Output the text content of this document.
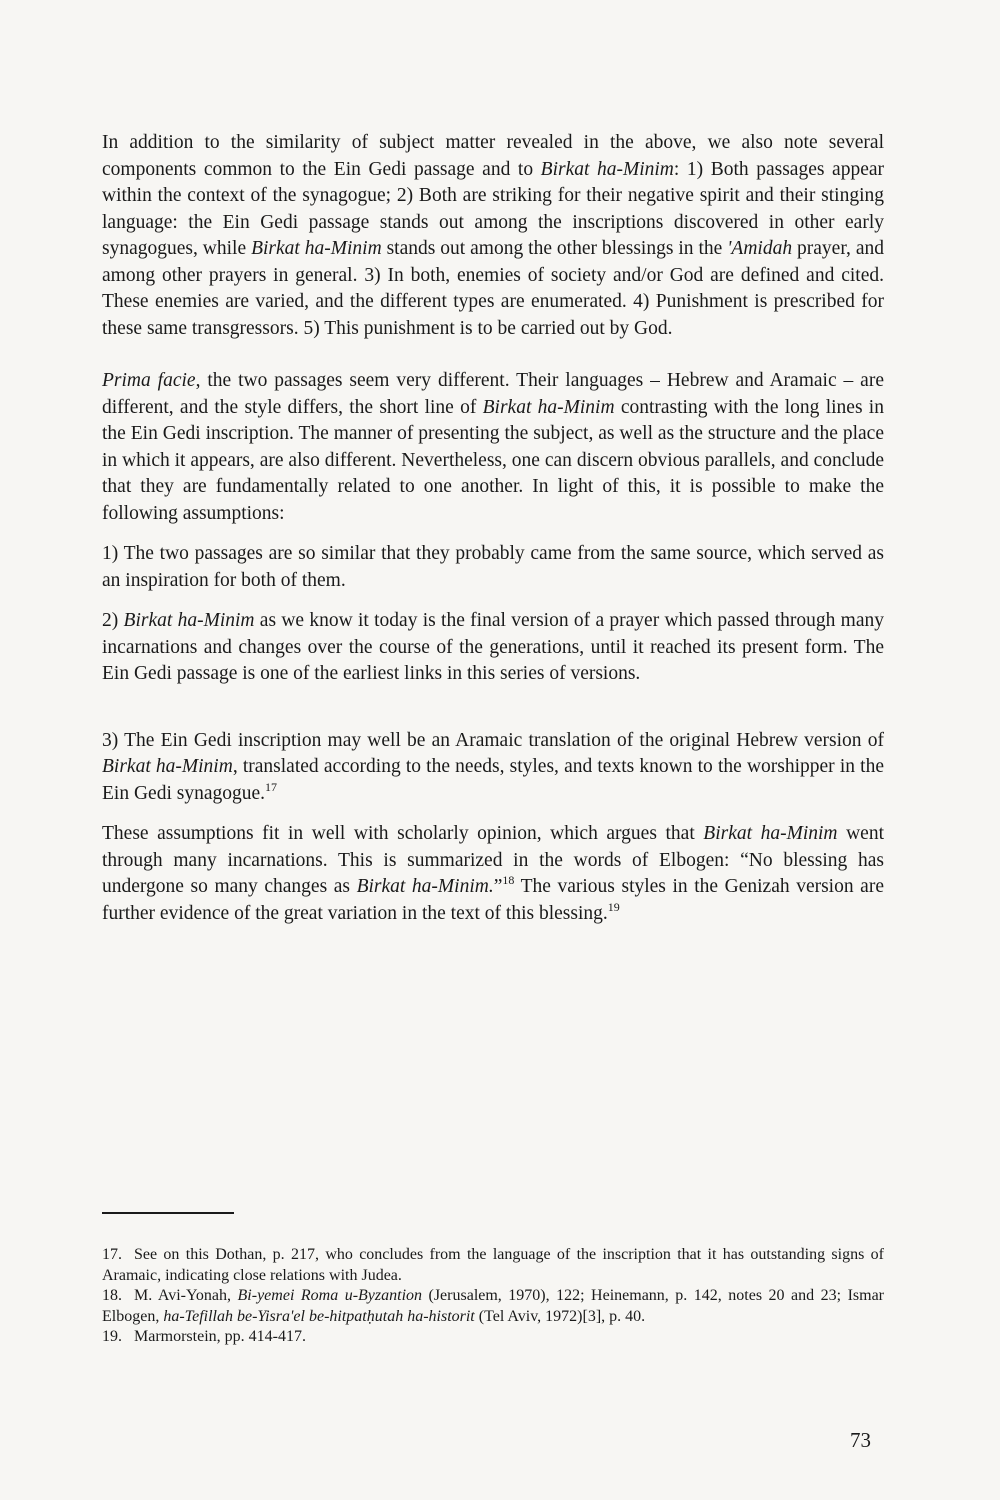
In addition to the similarity of subject matter revealed in the above, we also note several components common to the Ein Gedi passage and to Birkat ha-Minim: 1) Both passages appear within the context of the synagogue; 2) Both are striking for their negative spirit and their stinging language: the Ein Gedi passage stands out among the inscriptions discovered in other early synagogues, while Birkat ha-Minim stands out among the other blessings in the 'Amidah prayer, and among other prayers in general. 3) In both, enemies of society and/or God are defined and cited. These enemies are varied, and the different types are enumerated. 4) Punishment is prescribed for these same transgressors. 5) This punishment is to be carried out by God.

Prima facie, the two passages seem very different. Their languages – Hebrew and Aramaic – are different, and the style differs, the short line of Birkat ha-Minim contrasting with the long lines in the Ein Gedi inscription. The manner of presenting the subject, as well as the structure and the place in which it appears, are also different. Nevertheless, one can discern obvious parallels, and conclude that they are fundamentally related to one another. In light of this, it is possible to make the following assumptions:

1) The two passages are so similar that they probably came from the same source, which served as an inspiration for both of them.

2) Birkat ha-Minim as we know it today is the final version of a prayer which passed through many incarnations and changes over the course of the generations, until it reached its present form. The Ein Gedi passage is one of the earliest links in this series of versions.

3) The Ein Gedi inscription may well be an Aramaic translation of the original Hebrew version of Birkat ha-Minim, translated according to the needs, styles, and texts known to the worshipper in the Ein Gedi synagogue.$^{17}$

These assumptions fit in well with scholarly opinion, which argues that Birkat ha-Minim went through many incarnations. This is summarized in the words of Elbogen: “No blessing has undergone so many changes as Birkat ha-Minim.”$^{18}$ The various styles in the Genizah version are further evidence of the great variation in the text of this blessing.$^{19}$

17. See on this Dothan, p. 217, who concludes from the language of the inscription that it has outstanding signs of Aramaic, indicating close relations with Judea.

18. M. Avi-Yonah, Bi-yemei Roma u-Byzantion (Jerusalem, 1970), 122; Heinemann, p. 142, notes 20 and 23; Ismar Elbogen, ha-Tefillah be-Yisra'el be-hitpatḥutah ha-historit (Tel Aviv, 1972)[3], p. 40.

19. Marmorstein, pp. 414-417.

73
